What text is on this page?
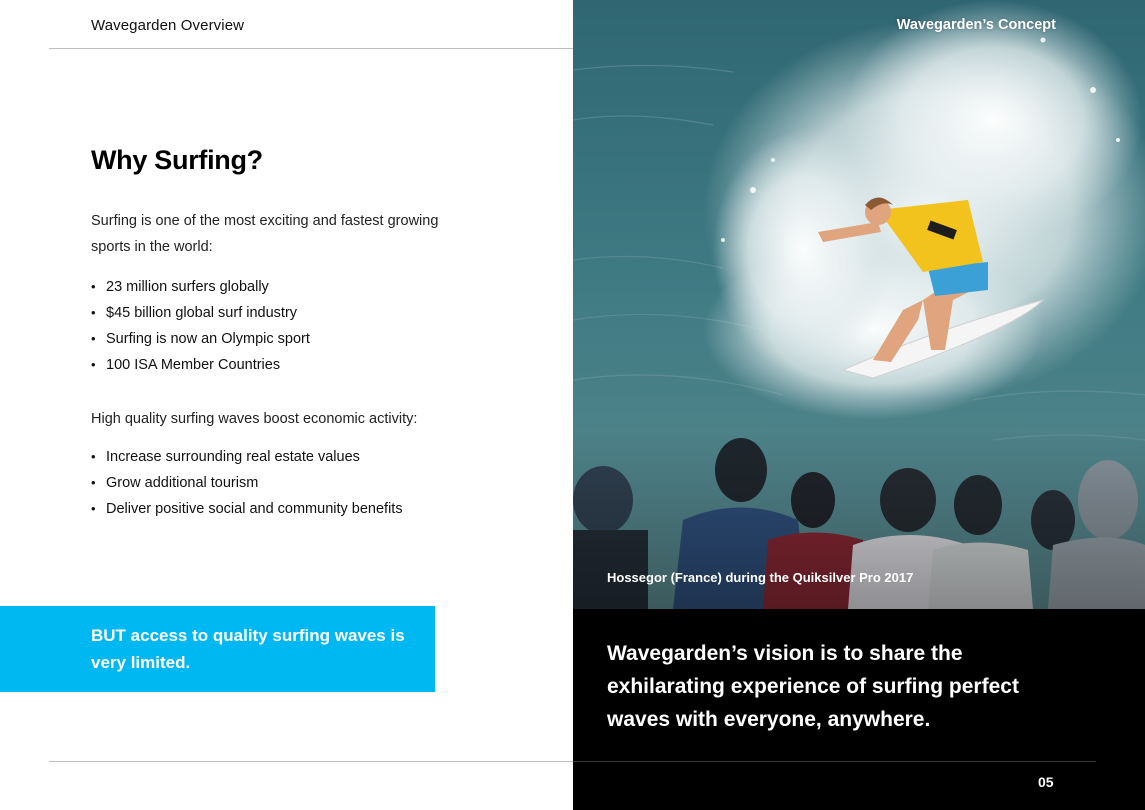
Wavegarden Overview
Why Surfing?

Surfing is one of the most exciting and fastest growing sports in the world:

• 23 million surfers globally
• $45 billion global surf industry
• Surfing is now an Olympic sport
• 100 ISA Member Countries

High quality surfing waves boost economic activity:

• Increase surrounding real estate values
• Grow additional tourism
• Deliver positive social and community benefits
BUT access to quality surfing waves is very limited.
Wavegarden’s Concept
Hossegor (France) during the Quiksilver Pro 2017
Wavegarden’s vision is to share the exhilarating experience of surfing perfect waves with everyone, anywhere.
05
